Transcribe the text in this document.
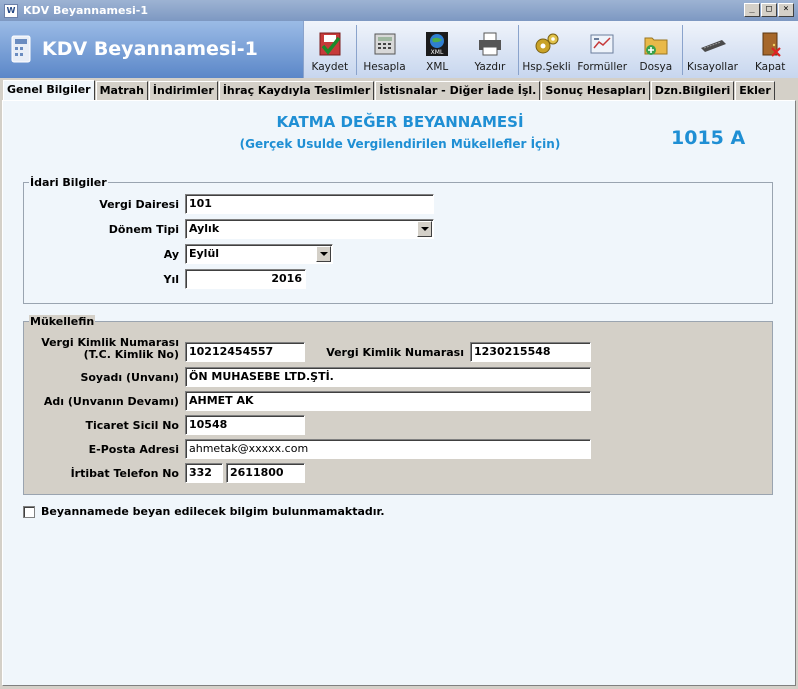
W KDV Beyannamesi-1	_	□	×
KDV Beyannamesi-1
Kaydet Hesapla
XML
XML Yazdır Hsp.Şekli Formüller Dosya Kısayollar Kapat
Genel Bilgiler Matrah İndirimler İhraç Kaydıyla Teslimler İstisnalar - Diğer İade İşl. Sonuç Hesapları Dzn.Bilgileri Ekler
KATMA DEĞER BEYANNAMESİ
(Gerçek Usulde Vergilendirilen Mükellefler İçin)	1015 A
İdari Bilgiler
Vergi Dairesi 101
Dönem Tipi Aylık
Ay Eylül
Yıl	2016
Mükellefin
Vergi Kimlik Numarası
(T.C. Kimlik No) 10212454557	Vergi Kimlik Numarası 1230215548
Soyadı (Unvanı) ÖN MUHASEBE LTD.ŞTİ.
Adı (Unvanın Devamı) AHMET AK
Ticaret Sicil No 10548
E-Posta Adresi ahmetak@xxxxx.com
İrtibat Telefon No 332	2611800
Beyannamede beyan edilecek bilgim bulunmamaktadır.
